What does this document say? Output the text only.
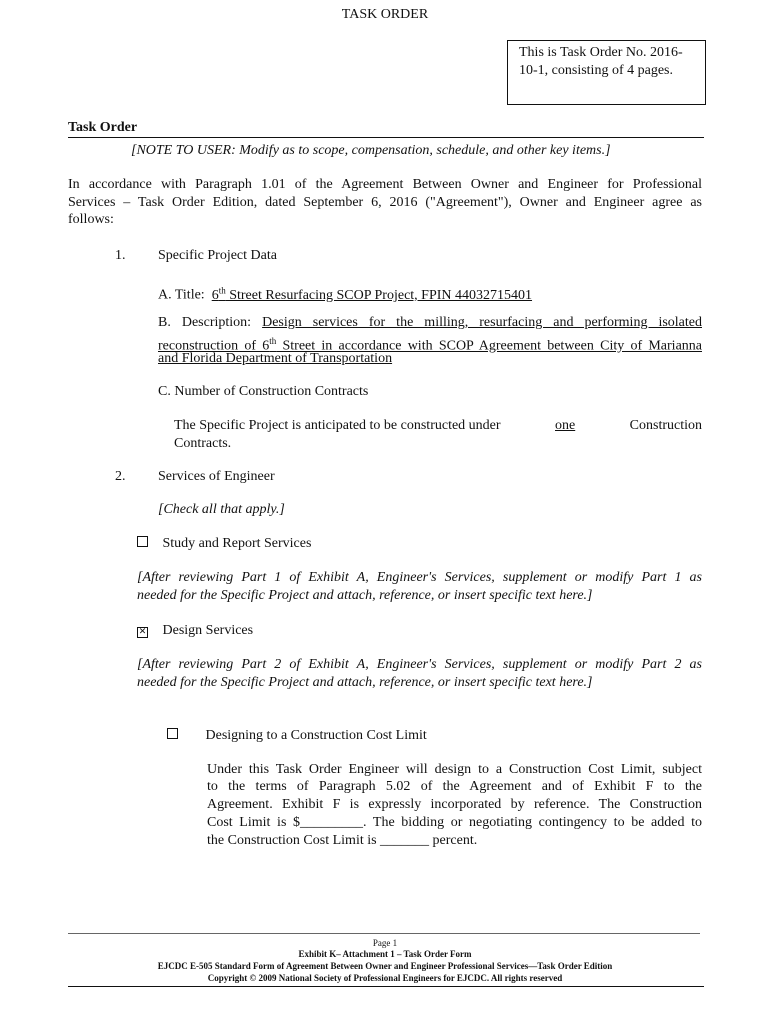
TASK ORDER
This is Task Order No. 2016-
10-1, consisting of 4 pages.
Task Order
[NOTE TO USER: Modify as to scope, compensation, schedule, and other key items.]
In accordance with Paragraph 1.01 of the Agreement Between Owner and Engineer for Professional
Services – Task Order Edition, dated September 6, 2016 ("Agreement"), Owner and Engineer agree as
follows:
1. Specific Project Data
A. Title: 6th Street Resurfacing SCOP Project, FPIN 44032715401
B. Description: Design services for the milling, resurfacing and performing isolated
reconstruction of 6th Street in accordance with SCOP Agreement between City of Marianna
and Florida Department of Transportation
C. Number of Construction Contracts
The Specific Project is anticipated to be constructed under	one	Construction
Contracts.
2. Services of Engineer
[Check all that apply.]
Study and Report Services
[After reviewing Part 1 of Exhibit A, Engineer's Services, supplement or modify Part 1 as
needed for the Specific Project and attach, reference, or insert specific text here.]
✕ Design Services
[After reviewing Part 2 of Exhibit A, Engineer's Services, supplement or modify Part 2 as
needed for the Specific Project and attach, reference, or insert specific text here.]
Designing to a Construction Cost Limit
Under this Task Order Engineer will design to a Construction Cost Limit, subject
to the terms of Paragraph 5.02 of the Agreement and of Exhibit F to the
Agreement. Exhibit F is expressly incorporated by reference. The Construction
Cost Limit is $_________. The bidding or negotiating contingency to be added to
the Construction Cost Limit is _______ percent.
Page 1
Exhibit K– Attachment 1 – Task Order Form
EJCDC E-505 Standard Form of Agreement Between Owner and Engineer Professional Services—Task Order Edition
Copyright © 2009 National Society of Professional Engineers for EJCDC. All rights reserved
